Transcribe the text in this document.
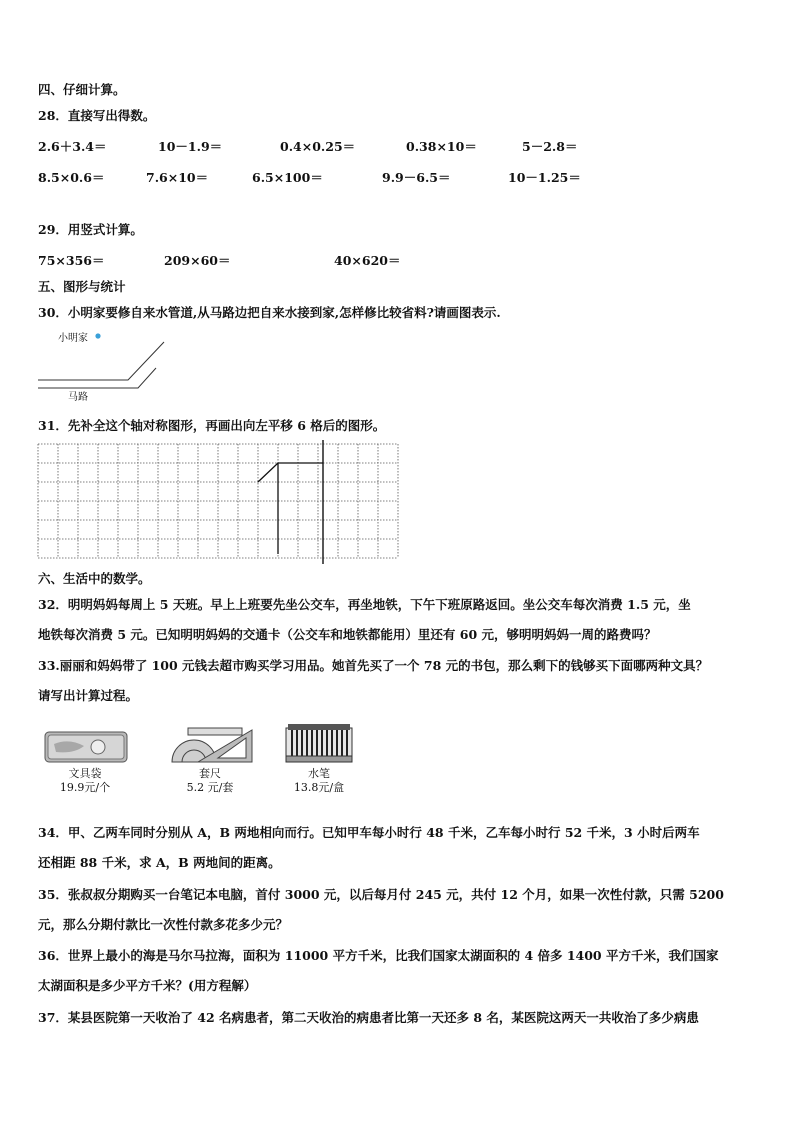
四、仔细计算。
28．直接写出得数。
2.6＋3.4＝	10－1.9＝	0.4×0.25＝	0.38×10＝	5－2.8＝
8.5×0.6＝	7.6×10＝	6.5×100＝	9.9－6.5＝	10－1.25＝
29．用竖式计算。
75×356＝	209×60＝	40×620＝
五、图形与统计
30．小明家要修自来水管道,从马路边把自来水接到家,怎样修比较省料?请画图表示.
小明家
马路
31．先补全这个轴对称图形，再画出向左平移 6 格后的图形。
六、生活中的数学。
32．明明妈妈每周上 5 天班。早上上班要先坐公交车，再坐地铁，下午下班原路返回。坐公交车每次消费 1.5 元，坐
地铁每次消费 5 元。已知明明妈妈的交通卡（公交车和地铁都能用）里还有 60 元，够明明妈妈一周的路费吗？
33.丽丽和妈妈带了 100 元钱去超市购买学习用品。她首先买了一个 78 元的书包，那么剩下的钱够买下面哪两种文具？
请写出计算过程。
文具袋
19.9元/个
套尺
5.2 元/套
水笔
13.8元/盒
34．甲、乙两车同时分别从 A，B 两地相向而行。已知甲车每小时行 48 千米，乙车每小时行 52 千米，3 小时后两车
还相距 88 千米，求 A，B 两地间的距离。
35．张叔叔分期购买一台笔记本电脑，首付 3000 元，以后每月付 245 元，共付 12 个月，如果一次性付款，只需 5200
元，那么分期付款比一次性付款多花多少元？
36．世界上最小的海是马尔马拉海，面积为 11000 平方千米，比我们国家太湖面积的 4 倍多 1400 平方千米，我们国家
太湖面积是多少平方千米？(用方程解）
37．某县医院第一天收治了 42 名病患者，第二天收治的病患者比第一天还多 8 名，某医院这两天一共收治了多少病患
